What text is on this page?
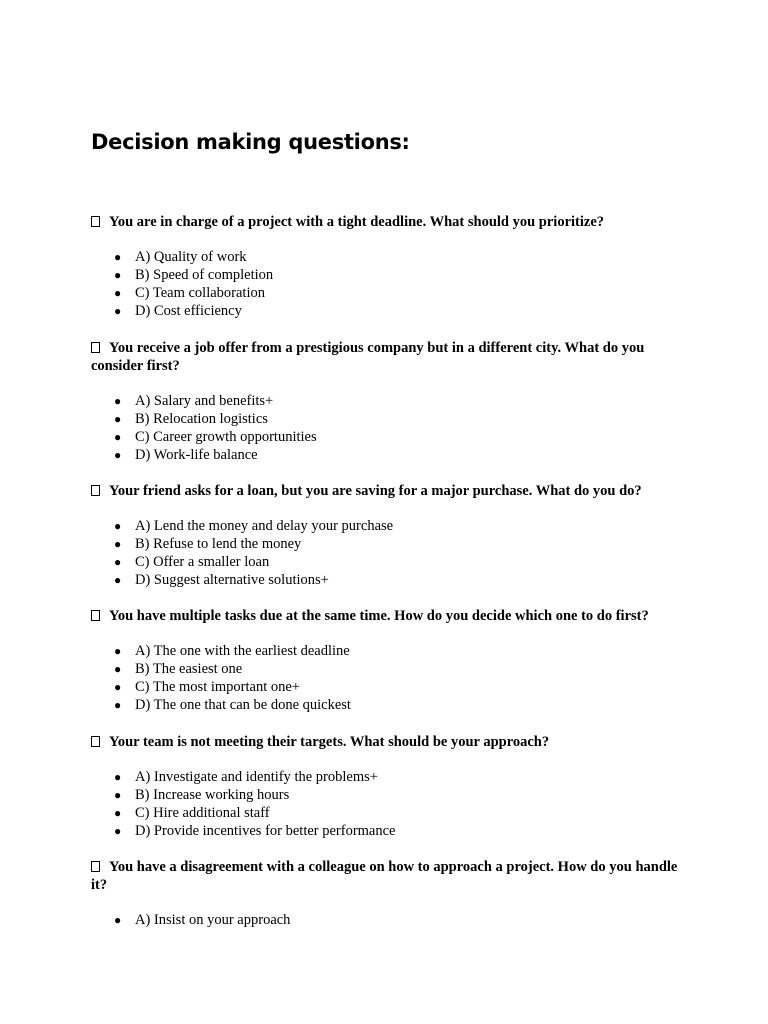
Decision making questions:

You are in charge of a project with a tight deadline. What should you prioritize?

● A) Quality of work
● B) Speed of completion
● C) Team collaboration
● D) Cost efficiency

You receive a job offer from a prestigious company but in a different city. What do you consider first?

● A) Salary and benefits+
● B) Relocation logistics
● C) Career growth opportunities
● D) Work-life balance

Your friend asks for a loan, but you are saving for a major purchase. What do you do?

● A) Lend the money and delay your purchase
● B) Refuse to lend the money
● C) Offer a smaller loan
● D) Suggest alternative solutions+

You have multiple tasks due at the same time. How do you decide which one to do first?

● A) The one with the earliest deadline
● B) The easiest one
● C) The most important one+
● D) The one that can be done quickest

Your team is not meeting their targets. What should be your approach?

● A) Investigate and identify the problems+
● B) Increase working hours
● C) Hire additional staff
● D) Provide incentives for better performance

You have a disagreement with a colleague on how to approach a project. How do you handle it?

● A) Insist on your approach
